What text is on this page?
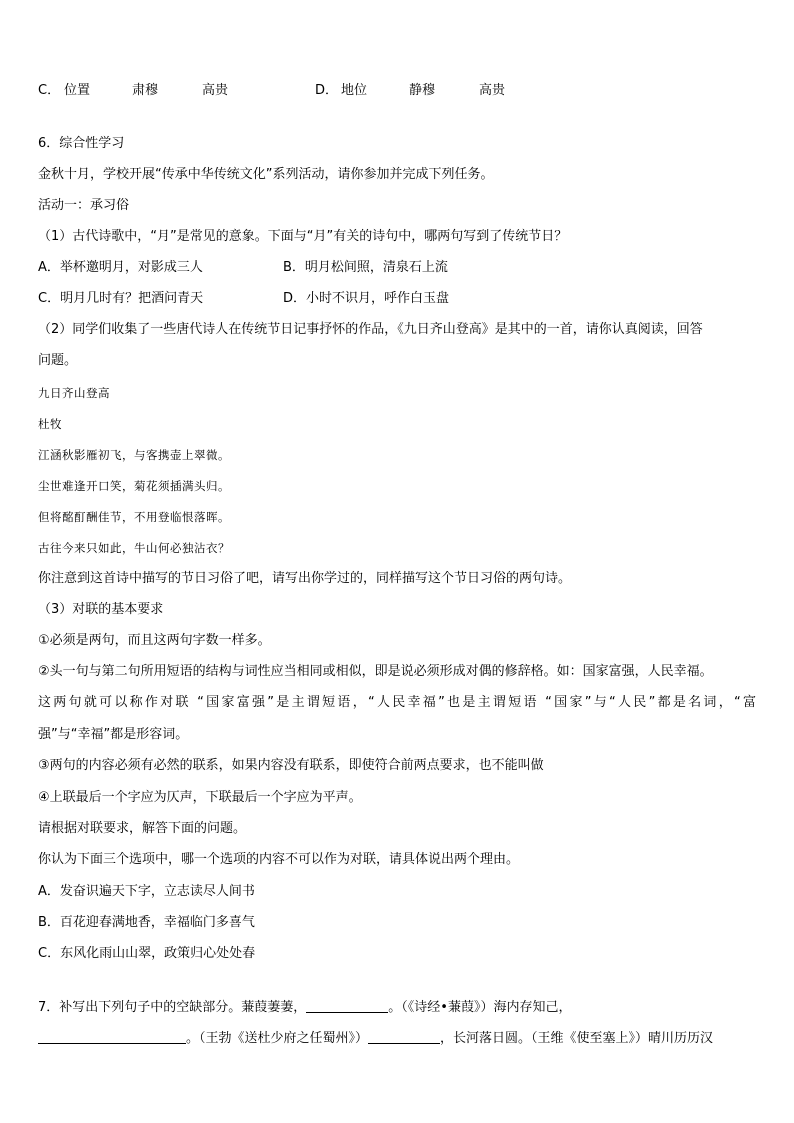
C． 位置	肃穆	高贵	D． 地位	静穆	高贵
6．综合性学习
金秋十月，学校开展“传承中华传统文化”系列活动，请你参加并完成下列任务。
活动一：承习俗
（1）古代诗歌中，“月”是常见的意象。下面与“月”有关的诗句中，哪两句写到了传统节日？
A．举杯邀明月，对影成三人	B．明月松间照，清泉石上流
C．明月几时有？把酒问青天	D．小时不识月，呼作白玉盘
（2）同学们收集了一些唐代诗人在传统节日记事抒怀的作品，《九日齐山登高》是其中的一首，请你认真阅读，回答
问题。
九日齐山登高
杜牧
江涵秋影雁初飞，与客携壶上翠微。
尘世难逢开口笑，菊花须插满头归。
但将酩酊酬佳节，不用登临恨落晖。
古往今来只如此，牛山何必独沾衣？
你注意到这首诗中描写的节日习俗了吧，请写出你学过的，同样描写这个节日习俗的两句诗。
（3）对联的基本要求
①必须是两句，而且这两句字数一样多。
②头一句与第二句所用短语的结构与词性应当相同或相似，即是说必须形成对偶的修辞格。如：国家富强，人民幸福。
这两句就可以称作对联 “国家富强”是主谓短语，“人民幸福”也是主谓短语 “国家”与“人民”都是名词，“富
强”与“幸福”都是形容词。
③两句的内容必须有必然的联系，如果内容没有联系，即使符合前两点要求，也不能叫做
④上联最后一个字应为仄声，下联最后一个字应为平声。
请根据对联要求，解答下面的问题。
你认为下面三个选项中，哪一个选项的内容不可以作为对联，请具体说出两个理由。
A．发奋识遍天下字，立志读尽人间书
B．百花迎春满地香，幸福临门多喜气
C．东风化雨山山翠，政策归心处处春
7．补写出下列句子中的空缺部分。蒹葭萋萋，	。（《诗经•蒹葭》）海内存知己，
。（王勃《送杜少府之任蜀州》）	，长河落日圆。（王维《使至塞上》）晴川历历汉
